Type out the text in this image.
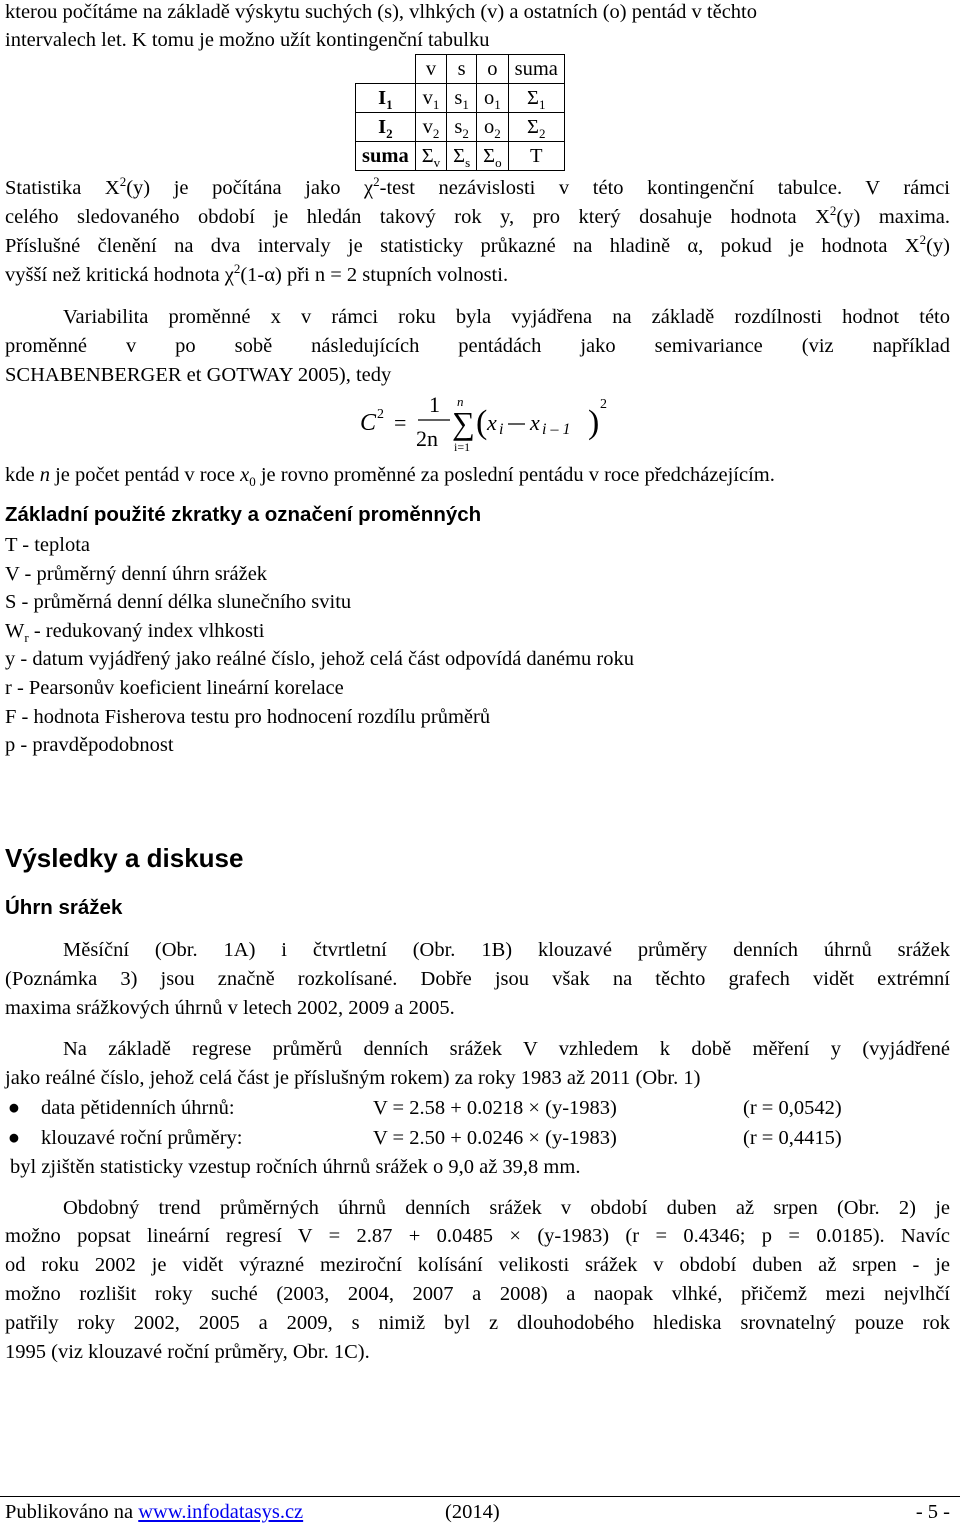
kterou počítáme na základě výskytu suchých (s), vlhkých (v) a ostatních (o) pentád v těchto
intervalech let. K tomu je možno užít kontingenční tabulku
	v	s	o	suma
$I_1$	$v_1$	$s_1$	$o_1$	$\Sigma_1$
$I_2$	$v_2$	$s_2$	$o_2$	$\Sigma_2$
suma	$\Sigma_v$	$\Sigma_s$	$\Sigma_o$	T
Statistika $X^2(y)$ je počítána jako $\chi^2$-test nezávislosti v této kontingenční tabulce. V rámci
celého sledovaného období je hledán takový rok y, pro který dosahuje hodnota $X^2(y)$ maxima.
Příslušné členění na dva intervaly je statisticky průkazné na hladině α, pokud je hodnota $X^2(y)$
vyšší než kritická hodnota $\chi^2(1-\alpha)$ při n = 2 stupních volnosti.
Variabilita proměnné x v rámci roku byla vyjádřena na základě rozdílnosti hodnot této
proměnné v po sobě následujících pentádách jako semivariance (viz například
SCHABENBERGER et GOTWAY 2005), tedy
C 2 =
1
2n
n
∑
i=1
( x i x i – 1 ) 2
kde n je počet pentád v roce $x_0$ je rovno proměnné za poslední pentádu v roce předcházejícím.
Základní použité zkratky a označení proměnných
T - teplota
V - průměrný denní úhrn srážek
S - průměrná denní délka slunečního svitu
$W_r$ - redukovaný index vlhkosti
y - datum vyjádřený jako reálné číslo, jehož celá část odpovídá danému roku
r - Pearsonův koeficient lineární korelace
F - hodnota Fisherova testu pro hodnocení rozdílu průměrů
p - pravděpodobnost
Výsledky a diskuse
Úhrn srážek
Měsíční (Obr. 1A) i čtvrtletní (Obr. 1B) klouzavé průměry denních úhrnů srážek
(Poznámka 3) jsou značně rozkolísané. Dobře jsou však na těchto grafech vidět extrémní
maxima srážkových úhrnů v letech 2002, 2009 a 2005.
Na základě regrese průměrů denních srážek V vzhledem k době měření y (vyjádřené
jako reálné číslo, jehož celá část je příslušným rokem) za roky 1983 až 2011 (Obr. 1)
● data pětidenních úhrnů:	V = 2.58 + 0.0218 × (y-1983)	(r = 0,0542)
● klouzavé roční průměry:	V = 2.50 + 0.0246 × (y-1983)	(r = 0,4415)
byl zjištěn statisticky vzestup ročních úhrnů srážek o 9,0 až 39,8 mm.
Obdobný trend průměrných úhrnů denních srážek v období duben až srpen (Obr. 2) je
možno popsat lineární regresí V = 2.87 + 0.0485 × (y-1983) (r = 0.4346; p = 0.0185). Navíc
od roku 2002 je vidět výrazné meziroční kolísání velikosti srážek v období duben až srpen - je
možno rozlišit roky suché (2003, 2004, 2007 a 2008) a naopak vlhké, přičemž mezi nejvlhčí
patřily roky 2002, 2005 a 2009, s nimiž byl z dlouhodobého hlediska srovnatelný pouze rok
1995 (viz klouzavé roční průměry, Obr. 1C).
Publikováno na www.infodatasys.cz	(2014)	- 5 -
